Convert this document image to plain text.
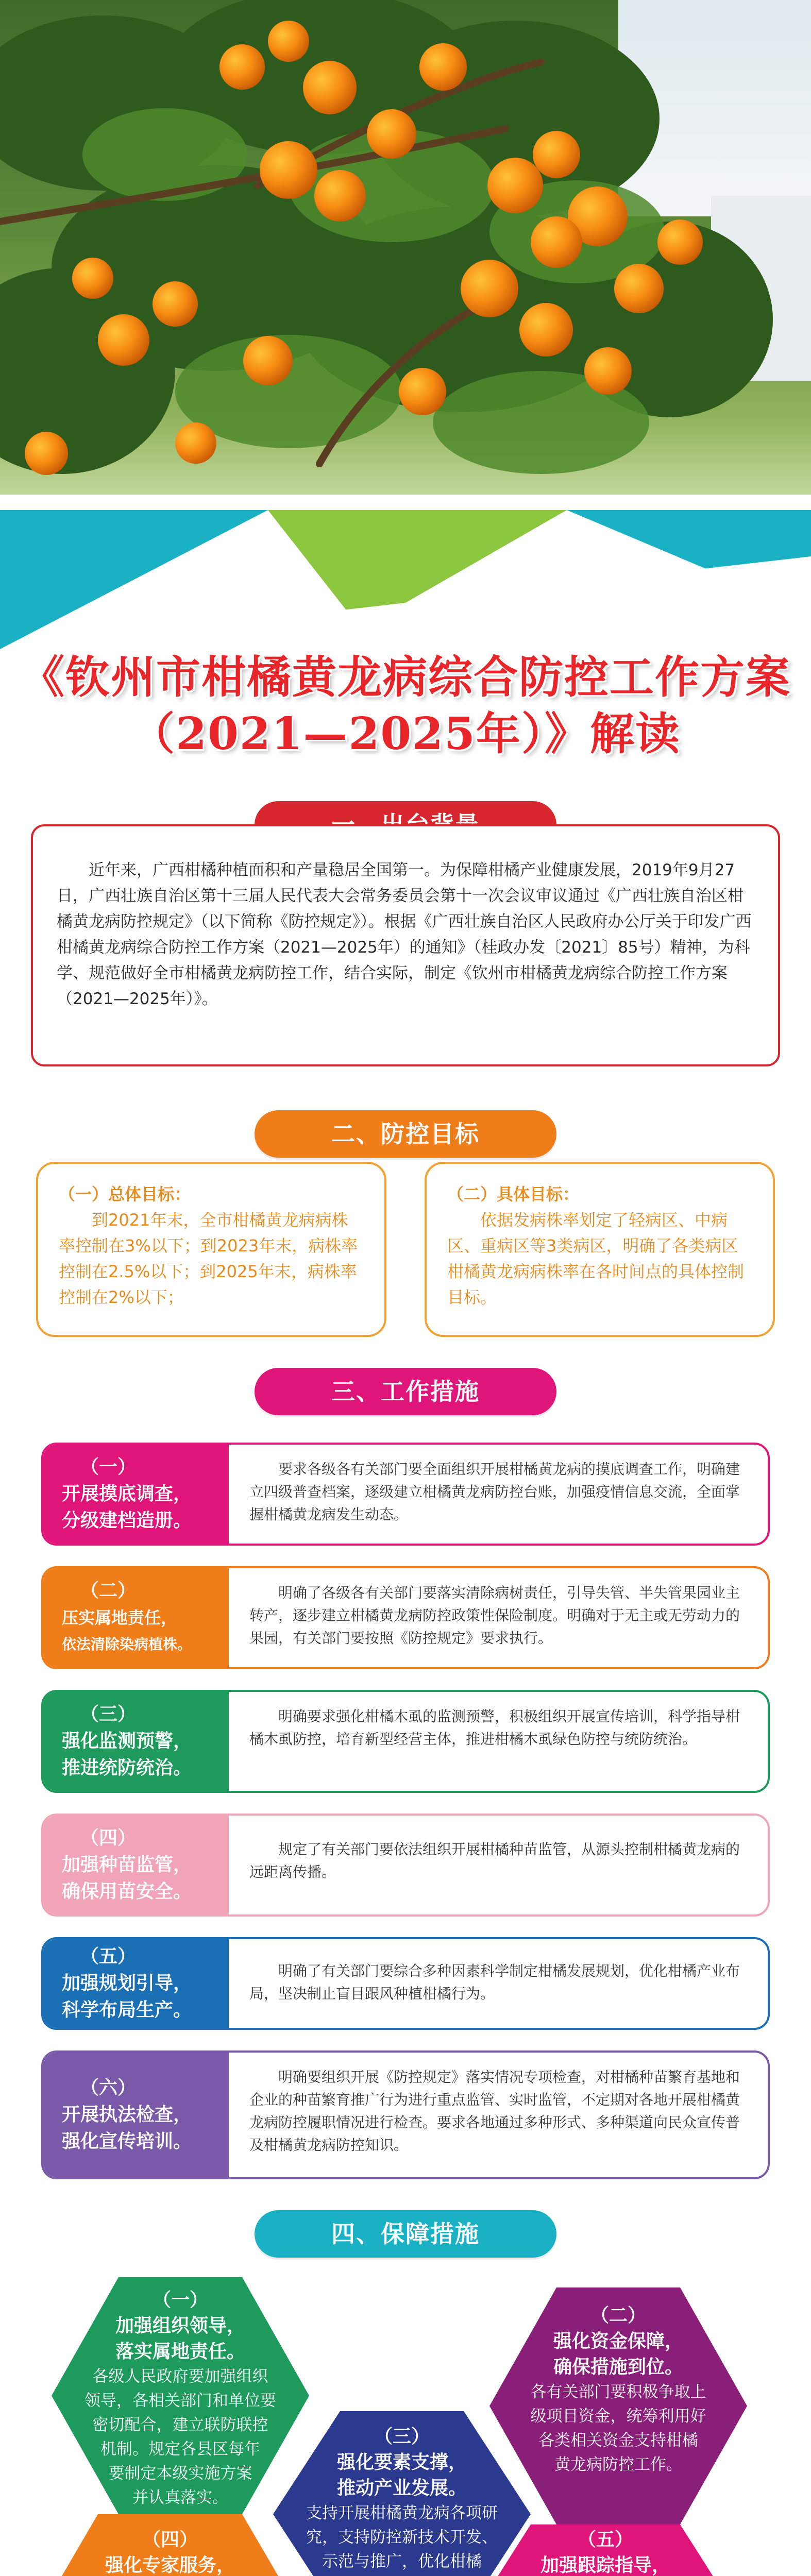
《钦州市柑橘黄龙病综合防控工作方案
（2021—2025年）》解读

近年来，广西柑橘种植面积和产量稳居全国第一。为保障柑橘产业健康发展，2019年9月27日，广西壮族自治区第十三届人民代表大会常务委员会第十一次会议审议通过《广西壮族自治区柑橘黄龙病防控规定》（以下简称《防控规定》）。根据《广西壮族自治区人民政府办公厅关于印发广西柑橘黄龙病综合防控工作方案（2021—2025年）的通知》（桂政办发〔2021〕85号）精神，为科学、规范做好全市柑橘黄龙病防控工作，结合实际，制定《钦州市柑橘黄龙病综合防控工作方案（2021—2025年）》。

二、防控目标
（一）总体目标：
到2021年末，全市柑橘黄龙病病株率控制在3%以下；到2023年末，病株率控制在2.5%以下；到2025年末，病株率控制在2%以下；
（二）具体目标：
依据发病株率划定了轻病区、中病区、重病区等3类病区，明确了各类病区柑橘黄龙病病株率在各时间点的具体控制目标。
三、工作措施
（一）
开展摸底调查，
分级建档造册。
要求各级各有关部门要全面组织开展柑橘黄龙病的摸底调查工作，明确建立四级普查档案，逐级建立柑橘黄龙病防控台账，加强疫情信息交流，全面掌握柑橘黄龙病发生动态。
（二）
压实属地责任，
依法清除染病植株。
明确了各级各有关部门要落实清除病树责任，引导失管、半失管果园业主转产，逐步建立柑橘黄龙病防控政策性保险制度。明确对于无主或无劳动力的果园，有关部门要按照《防控规定》要求执行。
（三）
强化监测预警，
推进统防统治。
明确要求强化柑橘木虱的监测预警，积极组织开展宣传培训，科学指导柑橘木虱防控，培育新型经营主体，推进柑橘木虱绿色防控与统防统治。
（四）
加强种苗监管，
确保用苗安全。
规定了有关部门要依法组织开展柑橘种苗监管，从源头控制柑橘黄龙病的远距离传播。
（五）
加强规划引导，
科学布局生产。
明确了有关部门要综合多种因素科学制定柑橘发展规划，优化柑橘产业布局，坚决制止盲目跟风种植柑橘行为。
（六）
开展执法检查，
强化宣传培训。
明确要组织开展《防控规定》落实情况专项检查，对柑橘种苗繁育基地和企业的种苗繁育推广行为进行重点监管、实时监管，不定期对各地开展柑橘黄龙病防控履职情况进行检查。要求各地通过多种形式、多种渠道向民众宣传普及柑橘黄龙病防控知识。
四、保障措施
（一）
加强组织领导，
落实属地责任。
各级人民政府要加强组织
领导，各相关部门和单位要
密切配合，建立联防联控
机制。规定各县区每年
要制定本级实施方案
并认真落实。
（二）
强化资金保障，
确保措施到位。
各有关部门要积极争取上
级项目资金，统筹利用好
各类相关资金支持柑橘
黄龙病防控工作。
（三）
强化要素支撑，
推动产业发展。
支持开展柑橘黄龙病各项研
究，支持防控新技术开发、
示范与推广，优化柑橘
（四）
强化专家服务，
（五）
加强跟踪指导，
